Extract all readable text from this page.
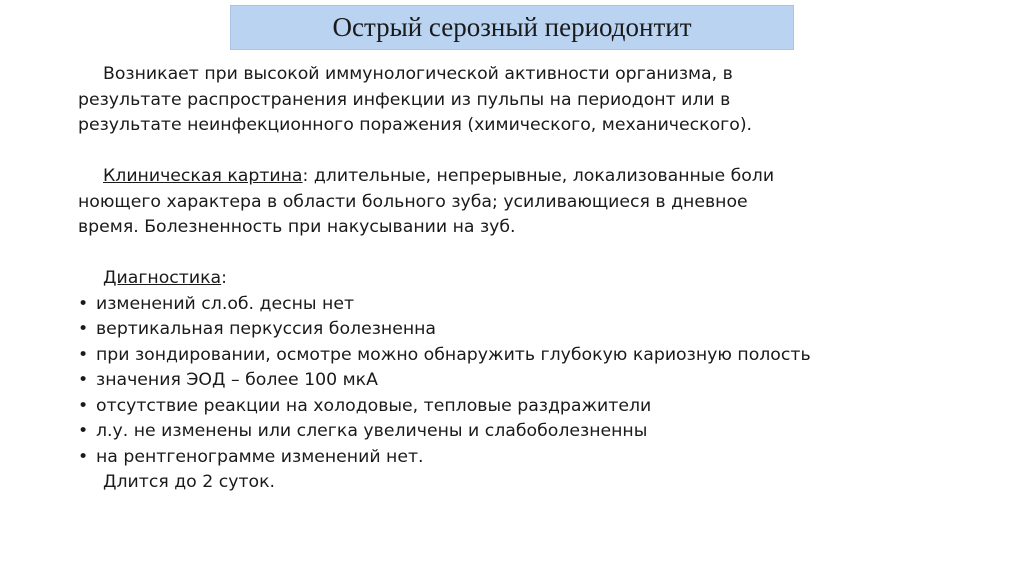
Острый серозный периодонтит
Возникает при высокой иммунологической активности организма, в
результате распространения инфекции из пульпы на периодонт или в
результате неинфекционного поражения (химического, механического).
Клиническая картина: длительные, непрерывные, локализованные боли
ноющего характера в области больного зуба; усиливающиеся в дневное
время. Болезненность при накусывании на зуб.
Диагностика:
• изменений сл.об. десны нет
• вертикальная перкуссия болезненна
• при зондировании, осмотре можно обнаружить глубокую кариозную полость
• значения ЭОД – более 100 мкА
• отсутствие реакции на холодовые, тепловые раздражители
• л.у. не изменены или слегка увеличены и слабоболезненны
• на рентгенограмме изменений нет.
Длится до 2 суток.
